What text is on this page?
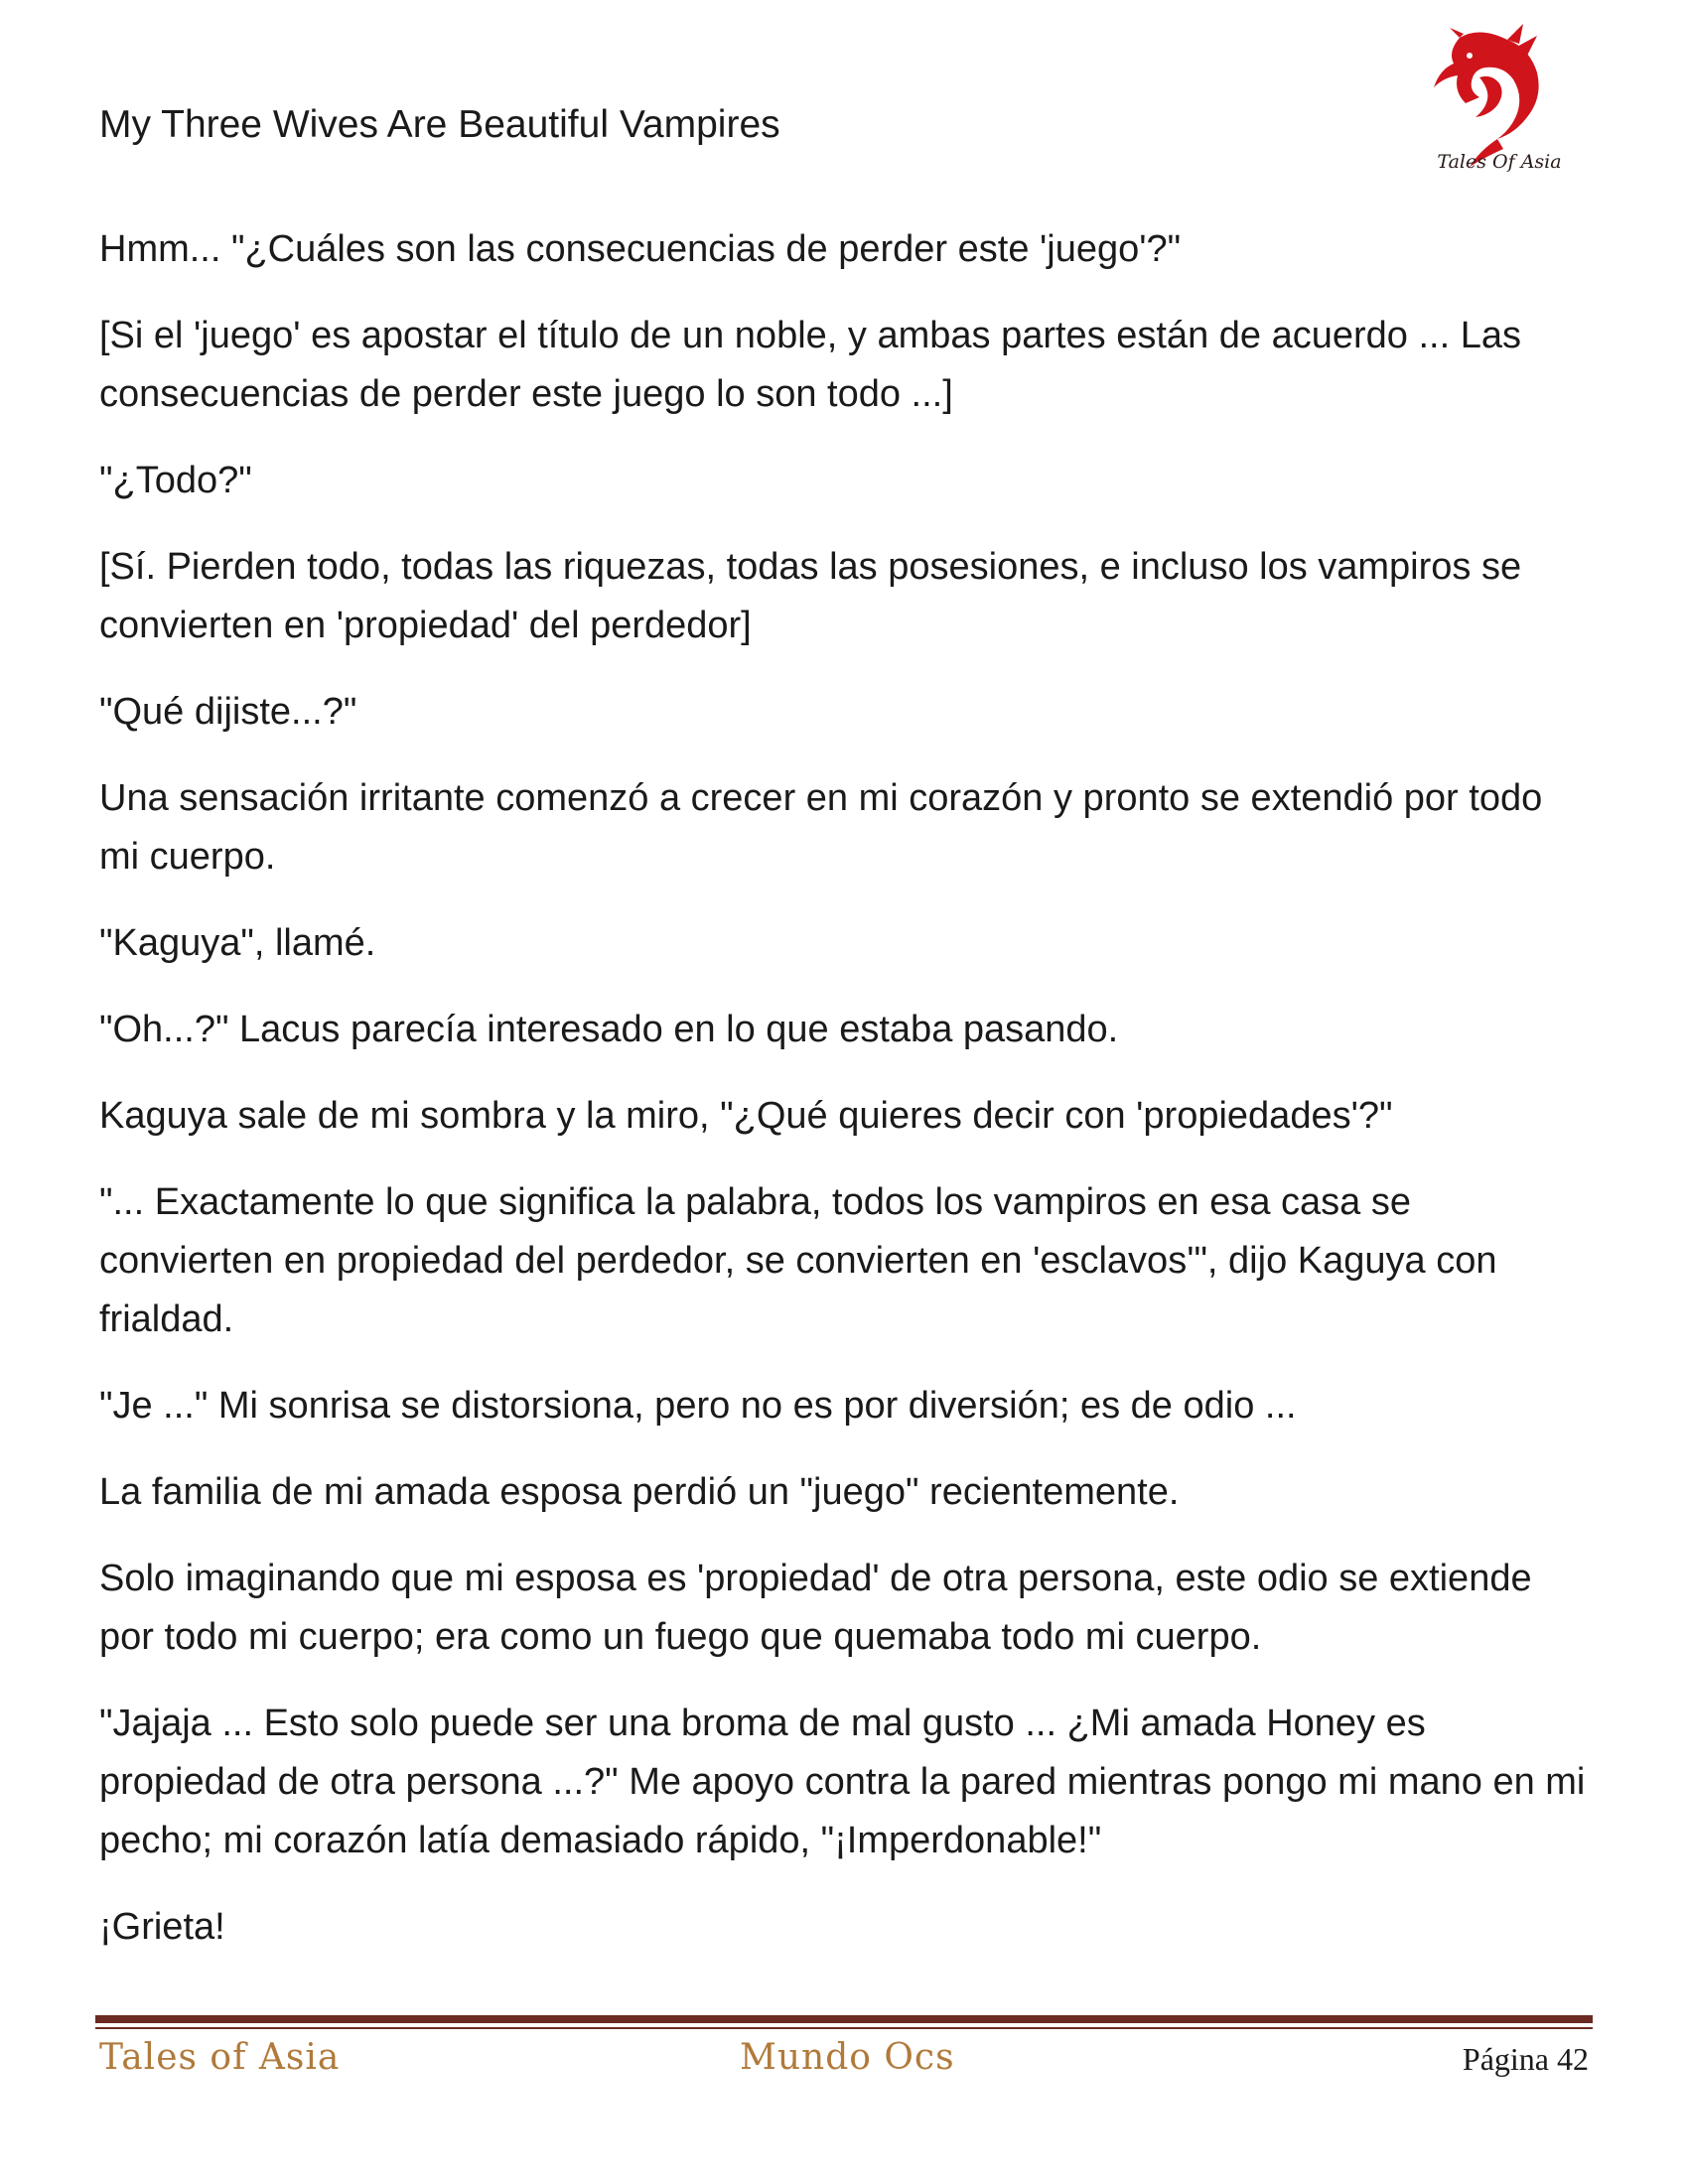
My Three Wives Are Beautiful Vampires
Tales Of Asia

Hmm... "¿Cuáles son las consecuencias de perder este 'juego'?"

[Si el 'juego' es apostar el título de un noble, y ambas partes están de acuerdo ... Las consecuencias de perder este juego lo son todo ...]

"¿Todo?"

[Sí. Pierden todo, todas las riquezas, todas las posesiones, e incluso los vampiros se convierten en 'propiedad' del perdedor]

"Qué dijiste...?"

Una sensación irritante comenzó a crecer en mi corazón y pronto se extendió por todo mi cuerpo.

"Kaguya", llamé.

"Oh...?" Lacus parecía interesado en lo que estaba pasando.

Kaguya sale de mi sombra y la miro, "¿Qué quieres decir con 'propiedades'?"

"... Exactamente lo que significa la palabra, todos los vampiros en esa casa se convierten en propiedad del perdedor, se convierten en 'esclavos'", dijo Kaguya con frialdad.

"Je ..." Mi sonrisa se distorsiona, pero no es por diversión; es de odio ...

La familia de mi amada esposa perdió un "juego" recientemente.

Solo imaginando que mi esposa es 'propiedad' de otra persona, este odio se extiende por todo mi cuerpo; era como un fuego que quemaba todo mi cuerpo.

"Jajaja ... Esto solo puede ser una broma de mal gusto ... ¿Mi amada Honey es propiedad de otra persona ...?" Me apoyo contra la pared mientras pongo mi mano en mi pecho; mi corazón latía demasiado rápido, "¡Imperdonable!"

¡Grieta!

Tales of Asia	Mundo Ocs	Página 42
